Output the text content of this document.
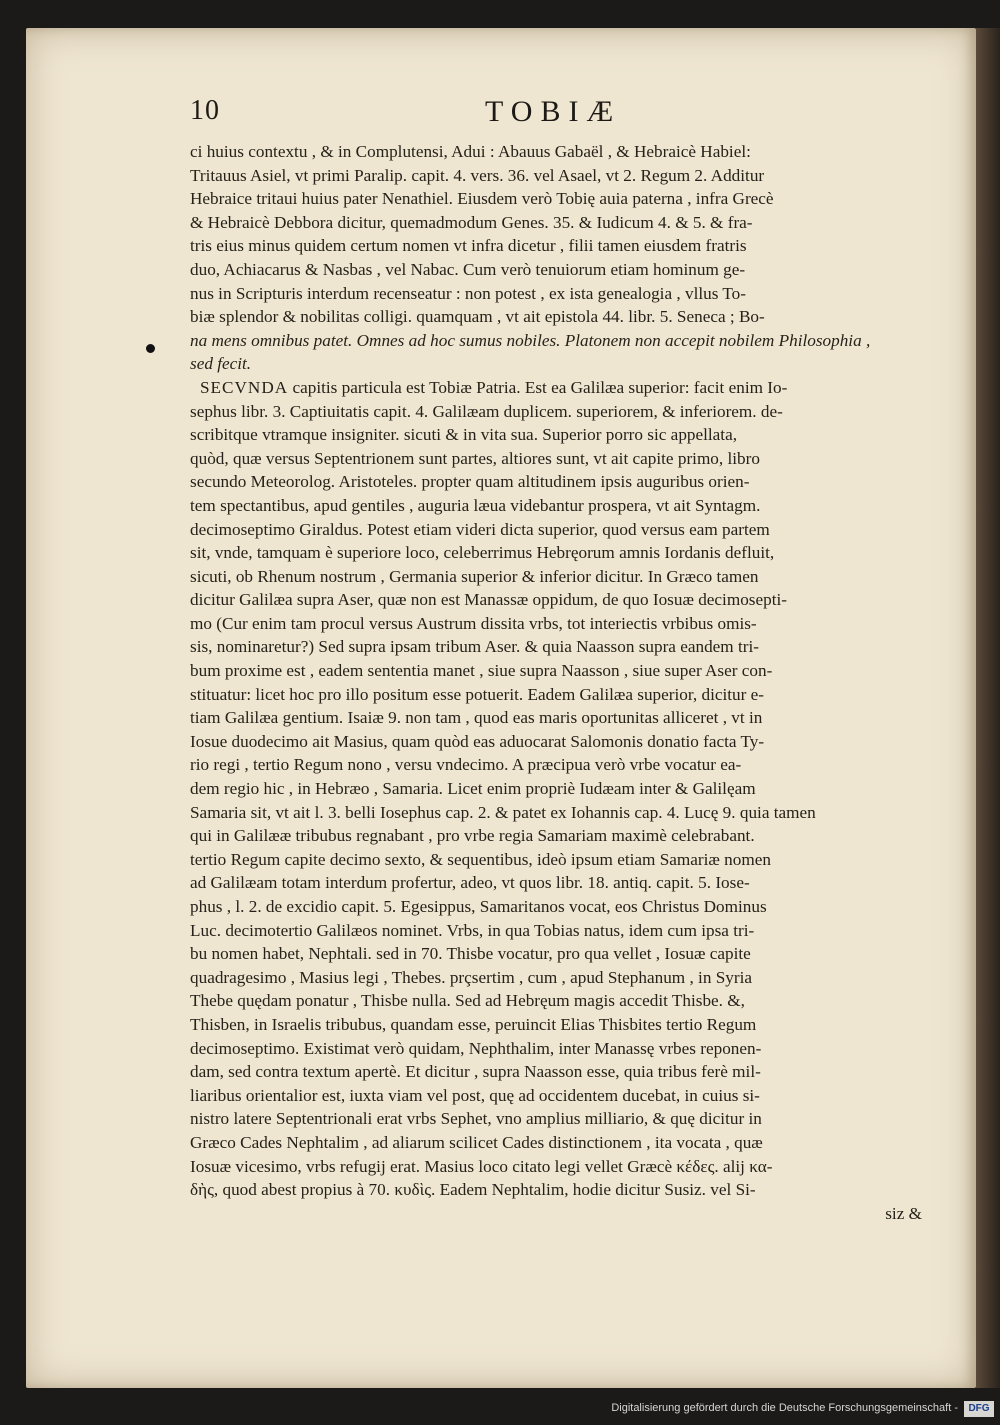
10	TOBIÆ
ci huius contextu , & in Complutensi, Adui : Abauus Gabaël , & Hebraicè Habiel:
Tritauus Asiel, vt primi Paralip. capit. 4. vers. 36. vel Asael, vt 2. Regum 2. Additur
Hebraice tritaui huius pater Nenathiel. Eiusdem verò Tobię auia paterna , infra Grecè
& Hebraicè Debbora dicitur, quemadmodum Genes. 35. & Iudicum 4. & 5. & fra-
tris eius minus quidem certum nomen vt infra dicetur , filii tamen eiusdem fratris
duo, Achiacarus & Nasbas , vel Nabac. Cum verò tenuiorum etiam hominum ge-
nus in Scripturis interdum recenseatur : non potest , ex ista genealogia , vllus To-
biæ splendor & nobilitas colligi. quamquam , vt ait epistola 44. libr. 5. Seneca ; Bo-
na mens omnibus patet. Omnes ad hoc sumus nobiles. Platonem non accepit nobilem Philosophia ,
sed fecit.
SECVNDA capitis particula est Tobiæ Patria. Est ea Galilæa superior: facit enim Io-
sephus libr. 3. Captiuitatis capit. 4. Galilæam duplicem. superiorem, & inferiorem. de-
scribitque vtramque insigniter. sicuti & in vita sua. Superior porro sic appellata,
quòd, quæ versus Septentrionem sunt partes, altiores sunt, vt ait capite primo, libro
secundo Meteorolog. Aristoteles. propter quam altitudinem ipsis auguribus orien-
tem spectantibus, apud gentiles , auguria læua videbantur prospera, vt ait Syntagm.
decimoseptimo Giraldus. Potest etiam videri dicta superior, quod versus eam partem
sit, vnde, tamquam è superiore loco, celeberrimus Hebręorum amnis Iordanis defluit,
sicuti, ob Rhenum nostrum , Germania superior & inferior dicitur. In Græco tamen
dicitur Galilæa supra Aser, quæ non est Manassæ oppidum, de quo Iosuæ decimosepti-
mo (Cur enim tam procul versus Austrum dissita vrbs, tot interiectis vrbibus omis-
sis, nominaretur?) Sed supra ipsam tribum Aser. & quia Naasson supra eandem tri-
bum proxime est , eadem sententia manet , siue supra Naasson , siue super Aser con-
stituatur: licet hoc pro illo positum esse potuerit. Eadem Galilæa superior, dicitur e-
tiam Galilæa gentium. Isaiæ 9. non tam , quod eas maris oportunitas alliceret , vt in
Iosue duodecimo ait Masius, quam quòd eas aduocarat Salomonis donatio facta Ty-
rio regi , tertio Regum nono , versu vndecimo. A præcipua verò vrbe vocatur ea-
dem regio hic , in Hebræo , Samaria. Licet enim propriè Iudæam inter & Galilęam
Samaria sit, vt ait l. 3. belli Iosephus cap. 2. & patet ex Iohannis cap. 4. Lucę 9. quia tamen
qui in Galilææ tribubus regnabant , pro vrbe regia Samariam maximè celebrabant.
tertio Regum capite decimo sexto, & sequentibus, ideò ipsum etiam Samariæ nomen
ad Galilæam totam interdum profertur, adeo, vt quos libr. 18. antiq. capit. 5. Iose-
phus , l. 2. de excidio capit. 5. Egesippus, Samaritanos vocat, eos Christus Dominus
Luc. decimotertio Galilæos nominet. Vrbs, in qua Tobias natus, idem cum ipsa tri-
bu nomen habet, Nephtali. sed in 70. Thisbe vocatur, pro qua vellet , Iosuæ capite
quadragesimo , Masius legi , Thebes. prçsertim , cum , apud Stephanum , in Syria
Thebe quędam ponatur , Thisbe nulla. Sed ad Hebręum magis accedit Thisbe. &,
Thisben, in Israelis tribubus, quandam esse, peruincit Elias Thisbites tertio Regum
decimoseptimo. Existimat verò quidam, Nephthalim, inter Manassę vrbes reponen-
dam, sed contra textum apertè. Et dicitur , supra Naasson esse, quia tribus ferè mil-
liaribus orientalior est, iuxta viam vel post, quę ad occidentem ducebat, in cuius si-
nistro latere Septentrionali erat vrbs Sephet, vno amplius milliario, & quę dicitur in
Græco Cades Nephtalim , ad aliarum scilicet Cades distinctionem , ita vocata , quæ
Iosuæ vicesimo, vrbs refugij erat. Masius loco citato legi vellet Græcè κέδες. alij κα-
δὴς, quod abest propius à 70. κυδὶς. Eadem Nephtalim, hodie dicitur Susiz. vel Si-
siz &
Digitalisierung gefördert durch die Deutsche Forschungsgemeinschaft -	DFG
